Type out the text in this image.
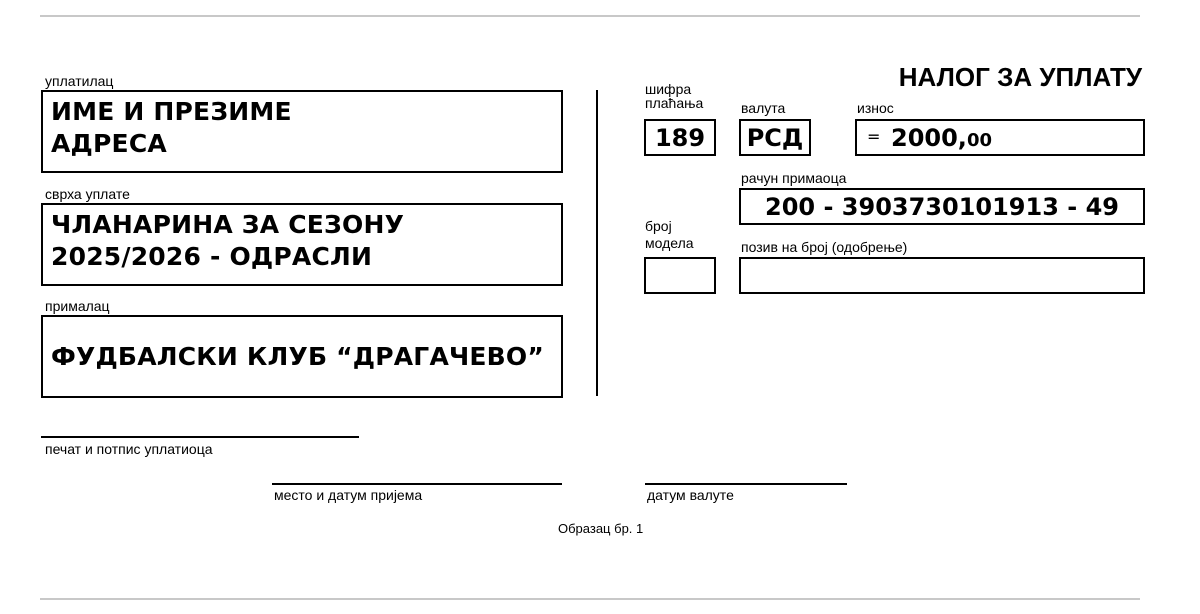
уплатилац
ИМЕ И ПРЕЗИМЕ
АДРЕСА
сврха уплате
ЧЛАНАРИНА ЗА СЕЗОНУ
2025/2026 - ОДРАСЛИ
прималац
ФУДБАЛСКИ КЛУБ “ДРАГАЧЕВО”
НАЛОГ ЗА УПЛАТУ
шифра
плаћања
189
валута
РСД
износ
= 2000, 00
рачун примаоца
200 - 3903730101913 - 49
број
модела	позив на број (одобрење)
печат и потпис уплатиоца
место и датум пријема	датум валуте
Образац бр. 1
